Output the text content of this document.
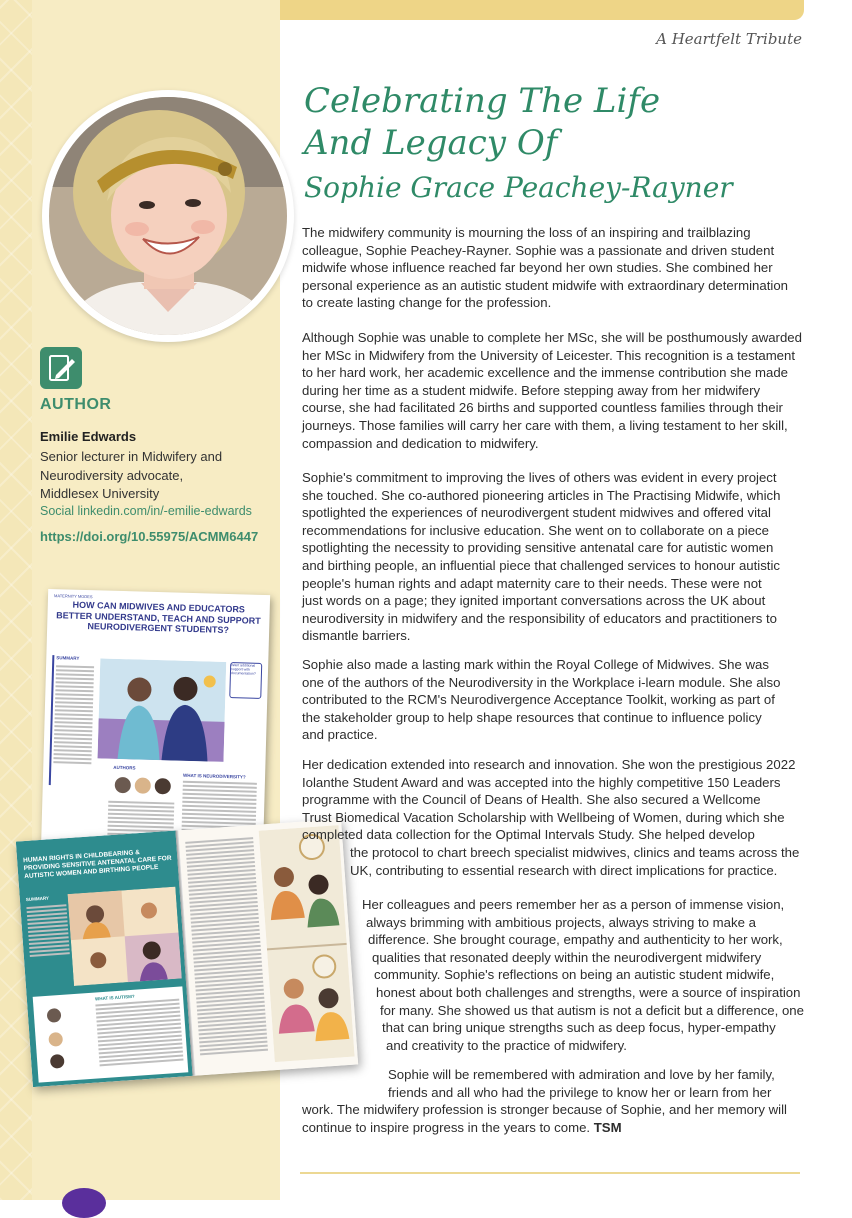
A Heartfelt Tribute
AUTHOR
Emilie Edwards
Senior lecturer in Midwifery and
Neurodiversity advocate,
Middlesex University
Social linkedin.com/in/-emilie-edwards
https://doi.org/10.55975/ACMM6447
Celebrating The Life
And Legacy Of
Sophie Grace Peachey-Rayner
MATERNITY MODES
HOW CAN MIDWIVES AND EDUCATORS BETTER UNDERSTAND, TEACH AND SUPPORT NEURODIVERGENT STUDENTS?
SUMMARY
Want additional support with documentation?
WHAT IS NEURODIVERSITY?
AUTHORS
HUMAN RIGHTS IN CHILDBEARING & PROVIDING SENSITIVE ANTENATAL CARE FOR AUTISTIC WOMEN AND BIRTHING PEOPLE
SUMMARY
WHAT IS AUTISM?
The midwifery community is mourning the loss of an inspiring and trailblazing
colleague, Sophie Peachey-Rayner. Sophie was a passionate and driven student
midwife whose influence reached far beyond her own studies. She combined her
personal experience as an autistic student midwife with extraordinary determination
to create lasting change for the profession.
Although Sophie was unable to complete her MSc, she will be posthumously awarded
her MSc in Midwifery from the University of Leicester. This recognition is a testament
to her hard work, her academic excellence and the immense contribution she made
during her time as a student midwife. Before stepping away from her midwifery
course, she had facilitated 26 births and supported countless families through their
journeys. Those families will carry her care with them, a living testament to her skill,
compassion and dedication to midwifery.
Sophie's commitment to improving the lives of others was evident in every project
she touched. She co-authored pioneering articles in The Practising Midwife, which
spotlighted the experiences of neurodivergent student midwives and offered vital
recommendations for inclusive education. She went on to collaborate on a piece
spotlighting the necessity to providing sensitive antenatal care for autistic women
and birthing people, an influential piece that challenged services to honour autistic
people's human rights and adapt maternity care to their needs. These were not
just words on a page; they ignited important conversations across the UK about
neurodiversity in midwifery and the responsibility of educators and practitioners to
dismantle barriers.
Sophie also made a lasting mark within the Royal College of Midwives. She was
one of the authors of the Neurodiversity in the Workplace i-learn module. She also
contributed to the RCM's Neurodivergence Acceptance Toolkit, working as part of
the stakeholder group to help shape resources that continue to influence policy
and practice.
Her dedication extended into research and innovation. She won the prestigious 2022
Iolanthe Student Award and was accepted into the highly competitive 150 Leaders
programme with the Council of Deans of Health. She also secured a Wellcome
Trust Biomedical Vacation Scholarship with Wellbeing of Women, during which she
completed data collection for the Optimal Intervals Study. She helped develop
the protocol to chart breech specialist midwives, clinics and teams across the
UK, contributing to essential research with direct implications for practice.
Her colleagues and peers remember her as a person of immense vision,
always brimming with ambitious projects, always striving to make a
difference. She brought courage, empathy and authenticity to her work,
qualities that resonated deeply within the neurodivergent midwifery
community. Sophie's reflections on being an autistic student midwife,
honest about both challenges and strengths, were a source of inspiration
for many. She showed us that autism is not a deficit but a difference, one
that can bring unique strengths such as deep focus, hyper-empathy
and creativity to the practice of midwifery.
Sophie will be remembered with admiration and love by her family,
friends and all who had the privilege to know her or learn from her
work. The midwifery profession is stronger because of Sophie, and her memory will
continue to inspire progress in the years to come. TSM
